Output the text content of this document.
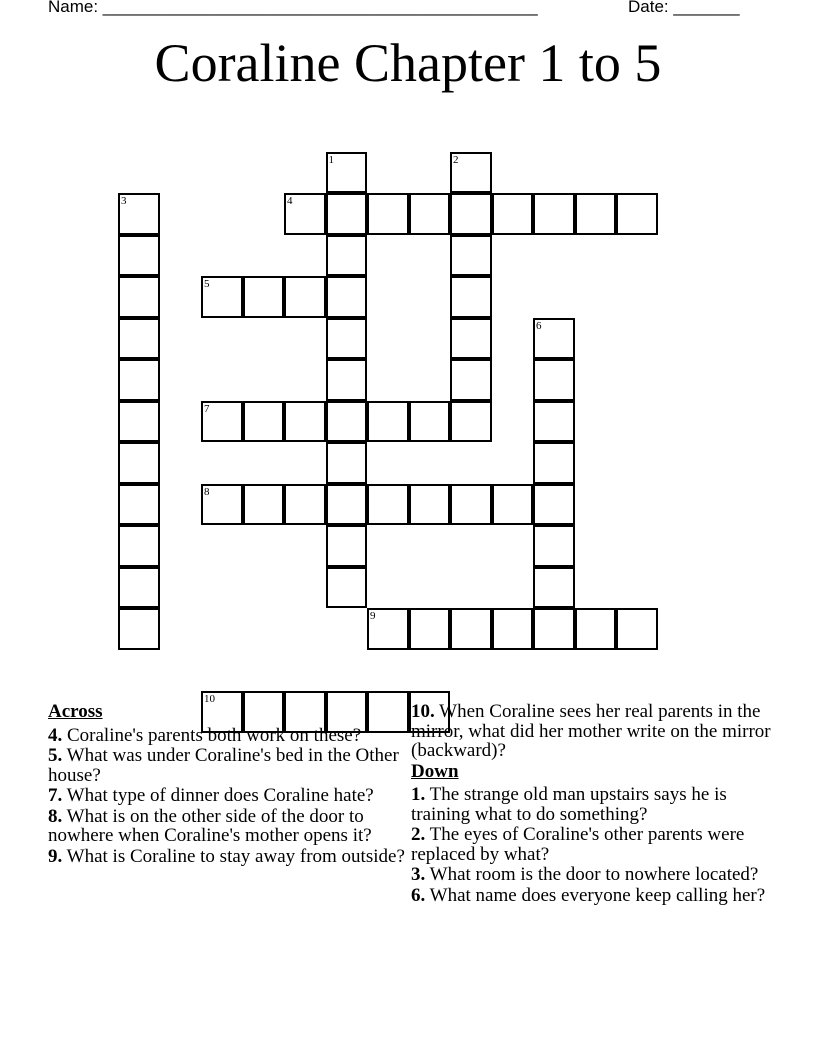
Name: ______________________________________________	Date: _______
Coraline Chapter 1 to 5
1	2
3	4
5
6
7
8
9
10
Across
4. Coraline's parents both work on these?
5. What was under Coraline's bed in the Other house?
7. What type of dinner does Coraline hate?
8. What is on the other side of the door to nowhere when Coraline's mother opens it?
9. What is Coraline to stay away from outside?
10. When Coraline sees her real parents in the mirror, what did her mother write on the mirror (backward)?
Down
1. The strange old man upstairs says he is training what to do something?
2. The eyes of Coraline's other parents were replaced by what?
3. What room is the door to nowhere located?
6. What name does everyone keep calling her?
